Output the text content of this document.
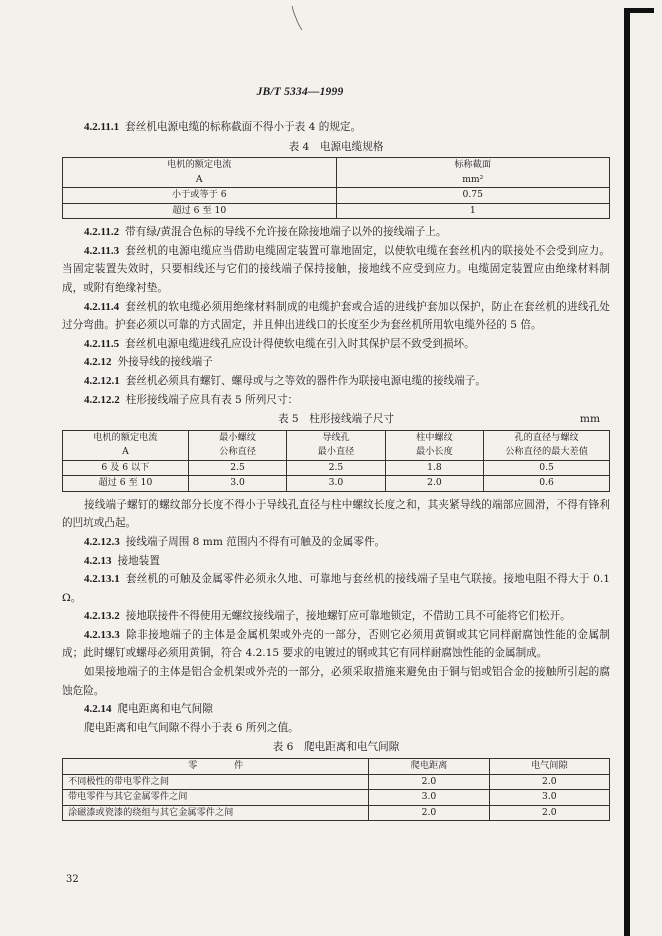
JB/T 5334—1999

4.2.11.1 套丝机电源电缆的标称截面不得小于表 4 的规定。

表 4　电源电缆规格
电机的额定电流	标称截面
A	mm²
小于或等于 6	0.75
超过 6 至 10	1

4.2.11.2 带有绿/黄混合色标的导线不允许接在除接地端子以外的接线端子上。

4.2.11.3 套丝机的电源电缆应当借助电缆固定装置可靠地固定，以使软电缆在套丝机内的联接处不会受到应力。当固定装置失效时，只要相线还与它们的接线端子保持接触，接地线不应受到应力。电缆固定装置应由绝缘材料制成，或附有绝缘衬垫。

4.2.11.4 套丝机的软电缆必须用绝缘材料制成的电缆护套或合适的进线护套加以保护，防止在套丝机的进线孔处过分弯曲。护套必须以可靠的方式固定，并且伸出进线口的长度至少为套丝机所用软电缆外径的 5 倍。

4.2.11.5 套丝机电源电缆进线孔应设计得使软电缆在引入时其保护层不致受到损坏。

4.2.12 外接导线的接线端子

4.2.12.1 套丝机必须具有螺钉、螺母或与之等效的器件作为联接电源电缆的接线端子。

4.2.12.2 柱形接线端子应具有表 5 所列尺寸：

表 5　柱形接线端子尺寸	mm
电机的额定电流	最小螺纹	导线孔	柱中螺纹	孔的直径与螺纹
A	公称直径	最小直径	最小长度	公称直径的最大差值
6 及 6 以下	2.5	2.5	1.8	0.5
超过 6 至 10	3.0	3.0	2.0	0.6

接线端子螺钉的螺纹部分长度不得小于导线孔直径与柱中螺纹长度之和，其夹紧导线的端部应圆滑，不得有锋利的凹坑或凸起。

4.2.12.3 接线端子周围 8 mm 范围内不得有可触及的金属零件。

4.2.13 接地装置

4.2.13.1 套丝机的可触及金属零件必须永久地、可靠地与套丝机的接线端子呈电气联接。接地电阻不得大于 0.1 Ω。

4.2.13.2 接地联接件不得使用无螺纹接线端子，接地螺钉应可靠地锁定，不借助工具不可能将它们松开。

4.2.13.3 除非接地端子的主体是金属机架或外壳的一部分，否则它必须用黄铜或其它同样耐腐蚀性能的金属制成；此时螺钉或螺母必须用黄铜，符合 4.2.15 要求的电镀过的钢或其它有同样耐腐蚀性能的金属制成。

如果接地端子的主体是铝合金机架或外壳的一部分，必须采取措施来避免由于铜与铝或铝合金的接触所引起的腐蚀危险。

4.2.14 爬电距离和电气间隙

爬电距离和电气间隙不得小于表 6 所列之值。

表 6　爬电距离和电气间隙
零　　　　件	爬电距离	电气间隙
不同极性的带电零件之间	2.0	2.0
带电零件与其它金属零件之间	3.0	3.0
涂磁漆或瓷漆的绕组与其它金属零件之间	2.0	2.0
32
